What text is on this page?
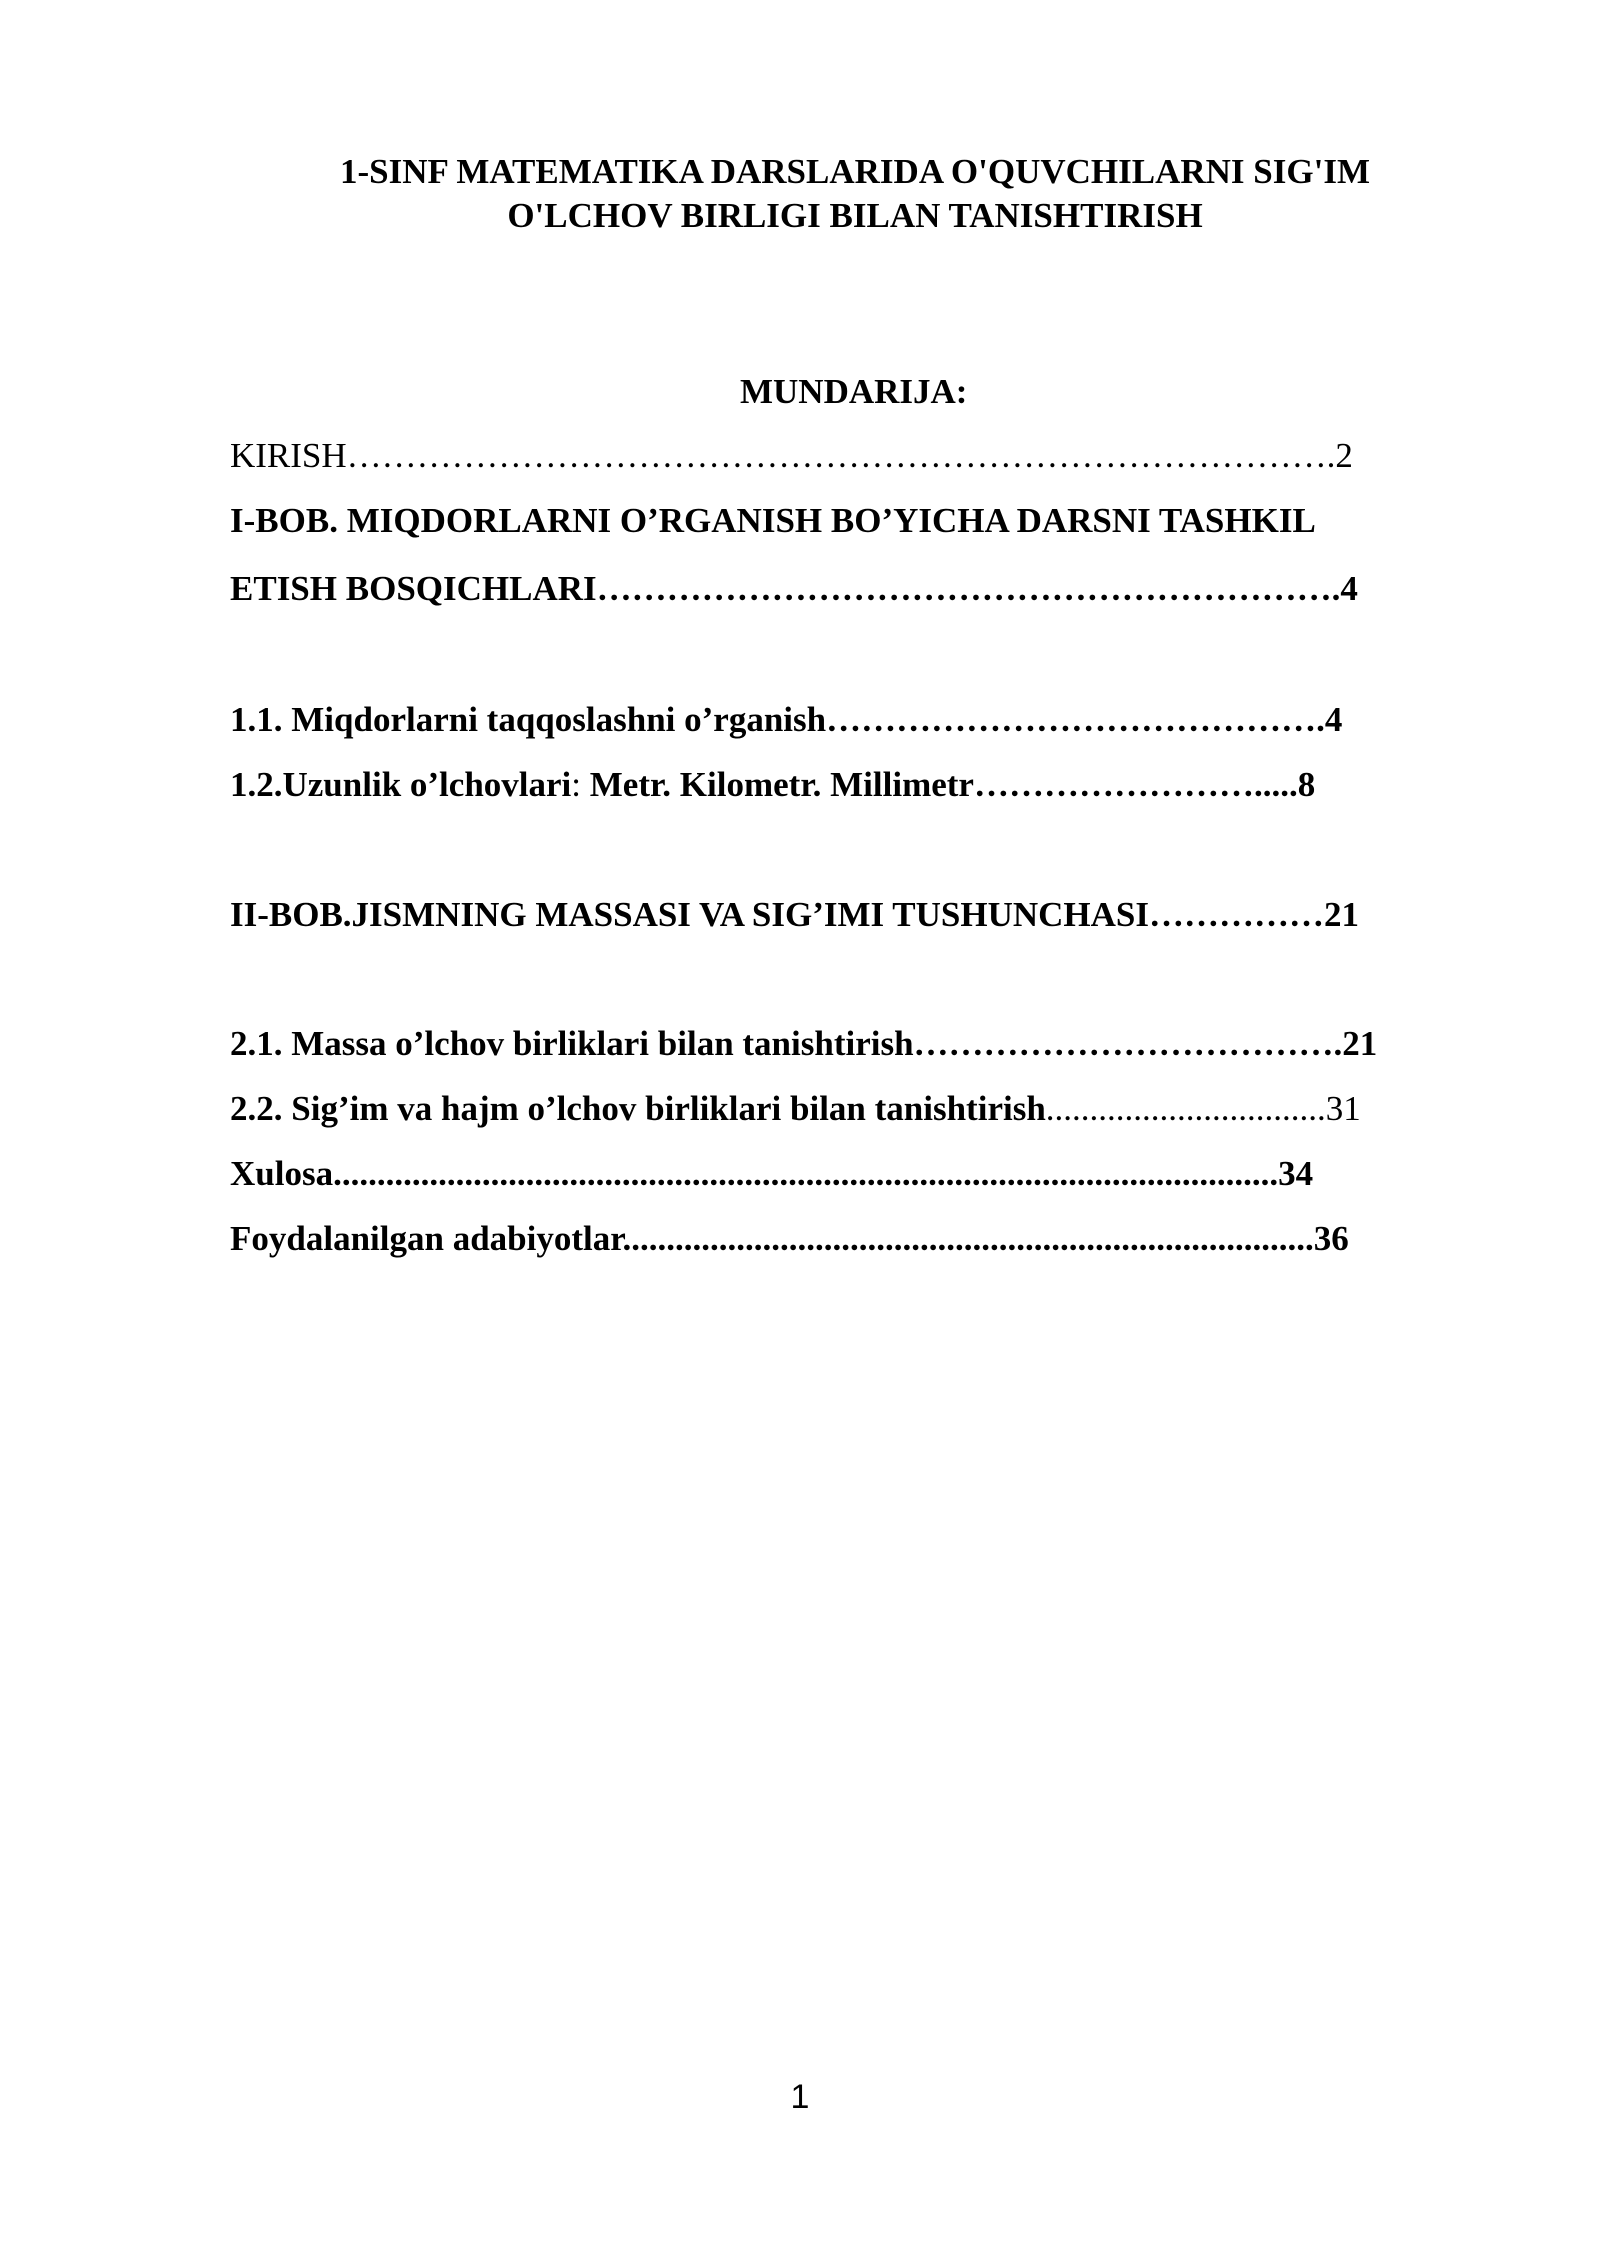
1-SINF MATEMATIKA DARSLARIDA O'QUVCHILARNI SIG'IM
O'LCHOV BIRLIGI BILAN TANISHTIRISH
MUNDARIJA:
KIRISH………………………………………………………………………….2
I-BOB. MIQDORLARNI O’RGANISH BO’YICHA DARSNI TASHKIL
ETISH BOSQICHLARI……………………………………………………….4
1.1. Miqdorlarni taqqoslashni o’rganish…………………………………….4
1.2.Uzunlik o’lchovlari: Metr. Kilometr. Millimetr…………………….....8
II-BOB.JISMNING MASSASI VA SIG’IMI TUSHUNCHASI……………21
2.1. Massa o’lchov birliklari bilan tanishtirish……………………………….21
2.2. Sig’im va hajm o’lchov birliklari bilan tanishtirish................................31
Xulosa............................................................................................................34
Foydalanilgan adabiyotlar...............................................................................36
1
